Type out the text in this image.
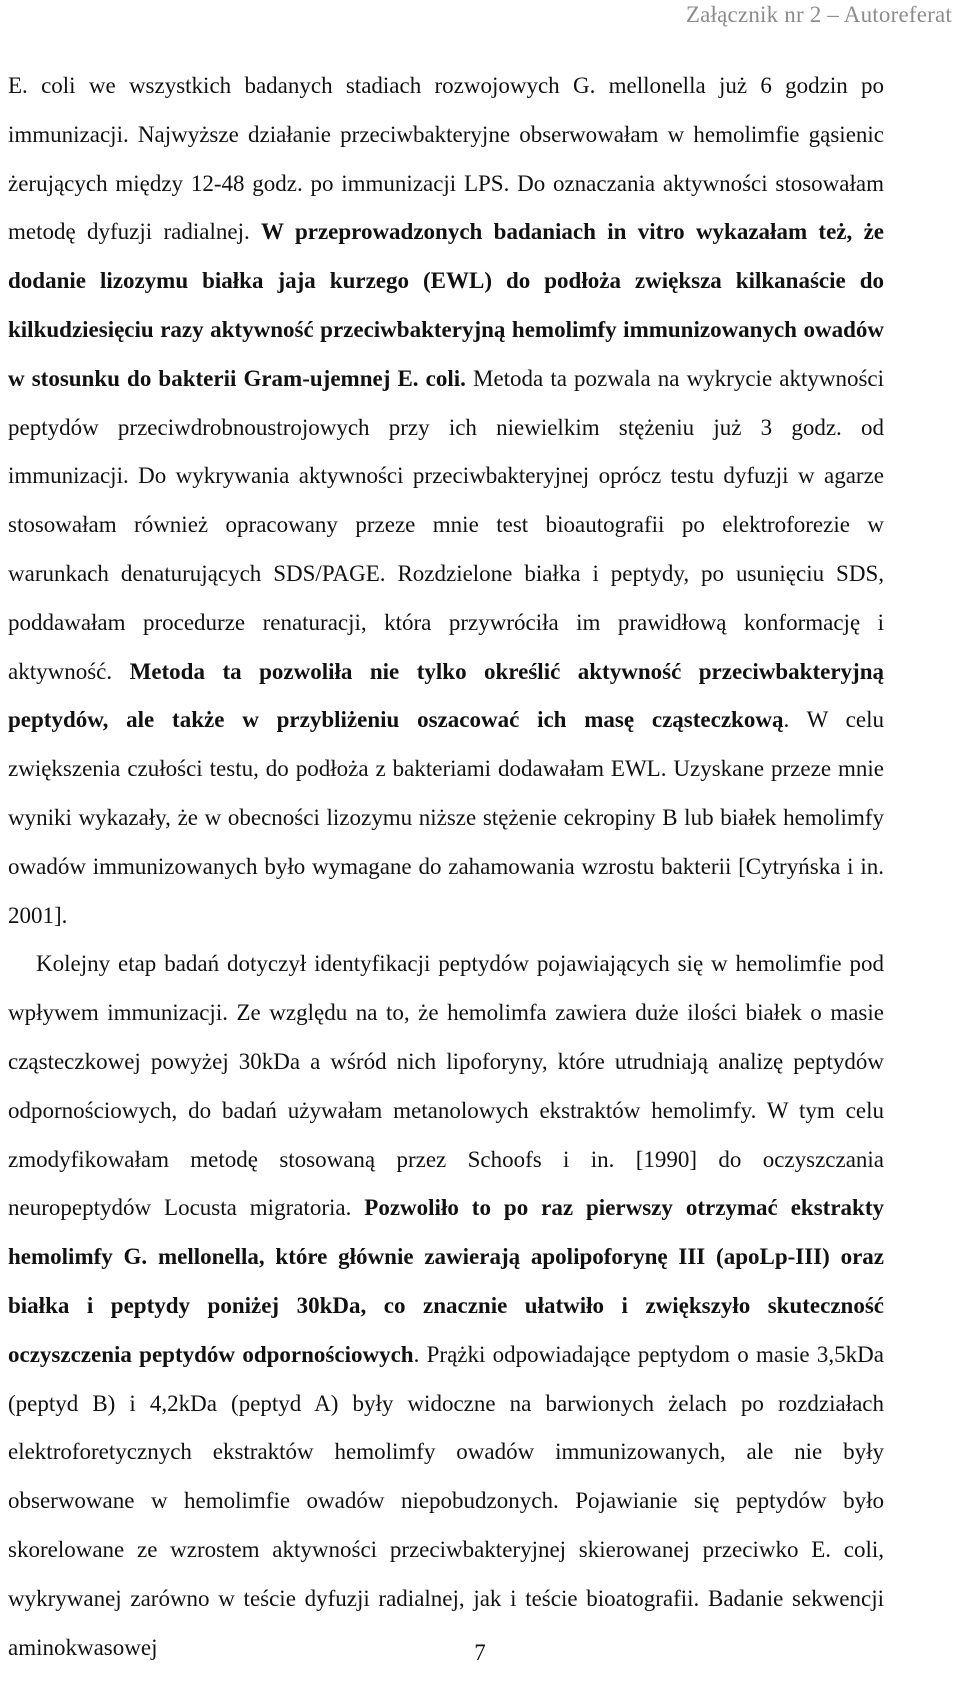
Załącznik nr 2 – Autoreferat

E. coli we wszystkich badanych stadiach rozwojowych G. mellonella już 6 godzin po immunizacji. Najwyższe działanie przeciwbakteryjne obserwowałam w hemolimfie gąsienic żerujących między 12-48 godz. po immunizacji LPS. Do oznaczania aktywności stosowałam metodę dyfuzji radialnej. W przeprowadzonych badaniach in vitro wykazałam też, że dodanie lizozymu białka jaja kurzego (EWL) do podłoża zwiększa kilkanaście do kilkudziesięciu razy aktywność przeciwbakteryjną hemolimfy immunizowanych owadów w stosunku do bakterii Gram-ujemnej E. coli. Metoda ta pozwala na wykrycie aktywności peptydów przeciwdrobnoustrojowych przy ich niewielkim stężeniu już 3 godz. od immunizacji. Do wykrywania aktywności przeciwbakteryjnej oprócz testu dyfuzji w agarze stosowałam również opracowany przeze mnie test bioautografii po elektroforezie w warunkach denaturujących SDS/PAGE. Rozdzielone białka i peptydy, po usunięciu SDS, poddawałam procedurze renaturacji, która przywróciła im prawidłową konformację i aktywność. Metoda ta pozwoliła nie tylko określić aktywność przeciwbakteryjną peptydów, ale także w przybliżeniu oszacować ich masę cząsteczkową. W celu zwiększenia czułości testu, do podłoża z bakteriami dodawałam EWL. Uzyskane przeze mnie wyniki wykazały, że w obecności lizozymu niższe stężenie cekropiny B lub białek hemolimfy owadów immunizowanych było wymagane do zahamowania wzrostu bakterii [Cytryńska i in. 2001].

Kolejny etap badań dotyczył identyfikacji peptydów pojawiających się w hemolimfie pod wpływem immunizacji. Ze względu na to, że hemolimfa zawiera duże ilości białek o masie cząsteczkowej powyżej 30kDa a wśród nich lipoforyny, które utrudniają analizę peptydów odpornościowych, do badań używałam metanolowych ekstraktów hemolimfy. W tym celu zmodyfikowałam metodę stosowaną przez Schoofs i in. [1990] do oczyszczania neuropeptydów Locusta migratoria. Pozwoliło to po raz pierwszy otrzymać ekstrakty hemolimfy G. mellonella, które głównie zawierają apolipoforynę III (apoLp-III) oraz białka i peptydy poniżej 30kDa, co znacznie ułatwiło i zwiększyło skuteczność oczyszczenia peptydów odpornościowych. Prążki odpowiadające peptydom o masie 3,5kDa (peptyd B) i 4,2kDa (peptyd A) były widoczne na barwionych żelach po rozdziałach elektroforetycznych ekstraktów hemolimfy owadów immunizowanych, ale nie były obserwowane w hemolimfie owadów niepobudzonych. Pojawianie się peptydów było skorelowane ze wzrostem aktywności przeciwbakteryjnej skierowanej przeciwko E. coli, wykrywanej zarówno w teście dyfuzji radialnej, jak i teście bioatografii. Badanie sekwencji aminokwasowej	7
